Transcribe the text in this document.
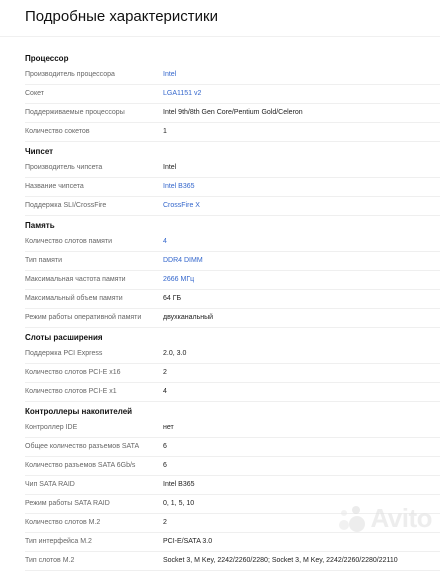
Подробные характеристики
Процессор
Производитель процессора	Intel
Сокет	LGA1151 v2
Поддерживаемые процессоры	Intel 9th/8th Gen Core/Pentium Gold/Celeron
Количество сокетов	1
Чипсет
Производитель чипсета	Intel
Название чипсета	Intel B365
Поддержка SLI/CrossFire	CrossFire X
Память
Количество слотов памяти	4
Тип памяти	DDR4 DIMM
Максимальная частота памяти	2666 МГц
Максимальный объем памяти	64 ГБ
Режим работы оперативной памяти	двухканальный
Слоты расширения
Поддержка PCI Express	2.0, 3.0
Количество слотов PCI-E x16	2
Количество слотов PCI-E x1	4
Контроллеры накопителей
Контроллер IDE	нет
Общее количество разъемов SATA	6
Количество разъемов SATA 6Gb/s	6
Чип SATA RAID	Intel B365
Режим работы SATA RAID	0, 1, 5, 10
Количество слотов M.2	2
Тип интерфейса M.2	PCI-E/SATA 3.0
Тип слотов M.2	Socket 3, M Key, 2242/2260/2280; Socket 3, M Key, 2242/2260/2280/22110
Avito
